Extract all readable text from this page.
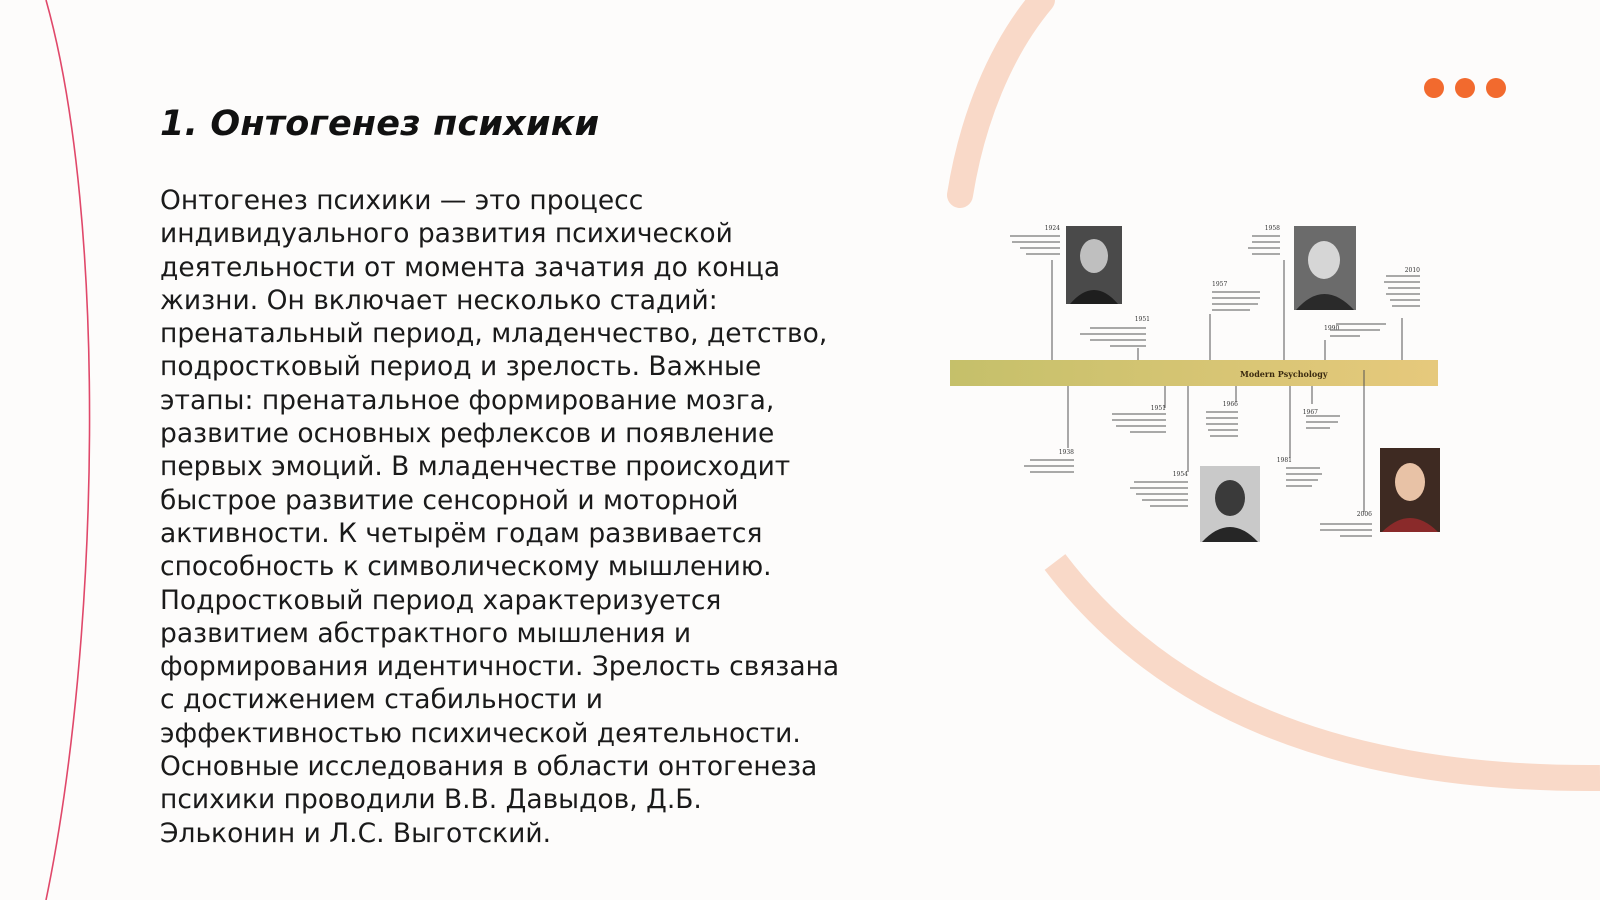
1. Онтогенез психики

Онтогенез психики — это процесс индивидуального развития психической деятельности от момента зачатия до конца жизни. Он включает несколько стадий: пренатальный период, младенчество, детство, подростковый период и зрелость. Важные этапы: пренатальное формирование мозга, развитие основных рефлексов и появление первых эмоций. В младенчестве происходит быстрое развитие сенсорной и моторной активности. К четырём годам развивается способность к символическому мышлению. Подростковый период характеризуется развитием абстрактного мышления и формирования идентичности. Зрелость связана с достижением стабильности и эффективностью психической деятельности. Основные исследования в области онтогенеза психики проводили В.В. Давыдов, Д.Б. Эльконин и Л.С. Выготский.

Modern Psychology
1924
1951
1957
1958
1990
2010
1938
1951
1954
1966
1967
1981
2006
